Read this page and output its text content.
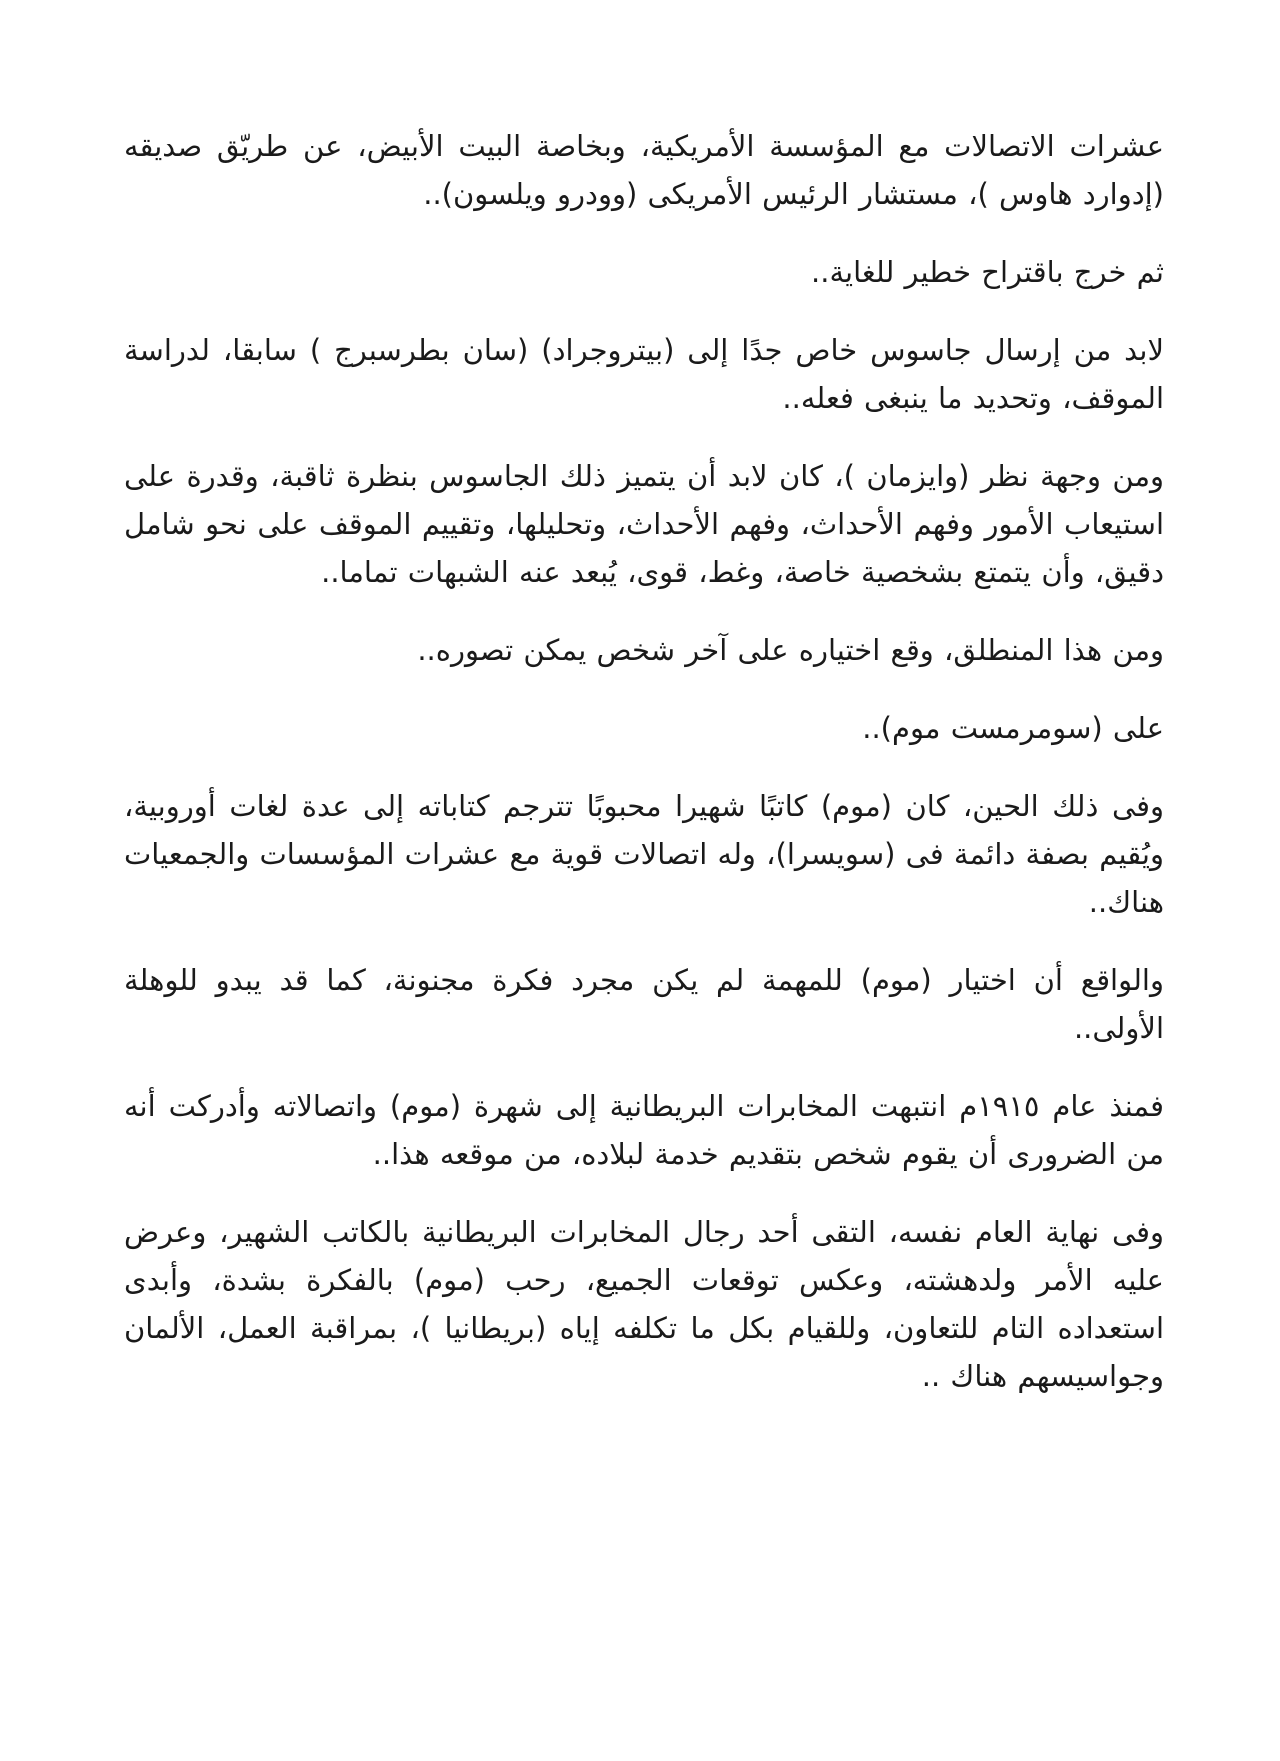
عشرات الاتصالات مع المؤسسة الأمريكية، وبخاصة البيت الأبيض، عن طريّق صديقه (إدوارد هاوس )، مستشار الرئيس الأمريكى (وودرو ويلسون)..

ثم خرج باقتراح خطير للغاية..

لابد من إرسال جاسوس خاص جدًا إلى (بيتروجراد) (سان بطرسبرج ) سابقا، لدراسة الموقف، وتحديد ما ينبغى فعله..

ومن وجهة نظر (وايزمان )، كان لابد أن يتميز ذلك الجاسوس بنظرة ثاقبة، وقدرة على استيعاب الأمور وفهم الأحداث، وفهم الأحداث، وتحليلها، وتقييم الموقف على نحو شامل دقيق، وأن يتمتع بشخصية خاصة، وغط، قوى، يُبعد عنه الشبهات تماما..

ومن هذا المنطلق، وقع اختياره على آخر شخص يمكن تصوره..

على (سومرمست موم)..

وفى ذلك الحين، كان (موم) كاتبًا شهيرا محبوبًا تترجم كتاباته إلى عدة لغات أوروبية، ويُقيم بصفة دائمة فى (سويسرا)، وله اتصالات قوية مع عشرات المؤسسات والجمعيات هناك..

والواقع أن اختيار (موم) للمهمة لم يكن مجرد فكرة مجنونة، كما قد يبدو للوهلة الأولى..

فمنذ عام ١٩١٥م انتبهت المخابرات البريطانية إلى شهرة (موم) واتصالاته وأدركت أنه من الضرورى أن يقوم شخص بتقديم خدمة لبلاده، من موقعه هذا..

وفى نهاية العام نفسه، التقى أحد رجال المخابرات البريطانية بالكاتب الشهير، وعرض عليه الأمر ولدهشته، وعكس توقعات الجميع، رحب (موم) بالفكرة بشدة، وأبدى استعداده التام للتعاون، وللقيام بكل ما تكلفه إياه (بريطانيا )، بمراقبة العمل، الألمان وجواسيسهم هناك ..
